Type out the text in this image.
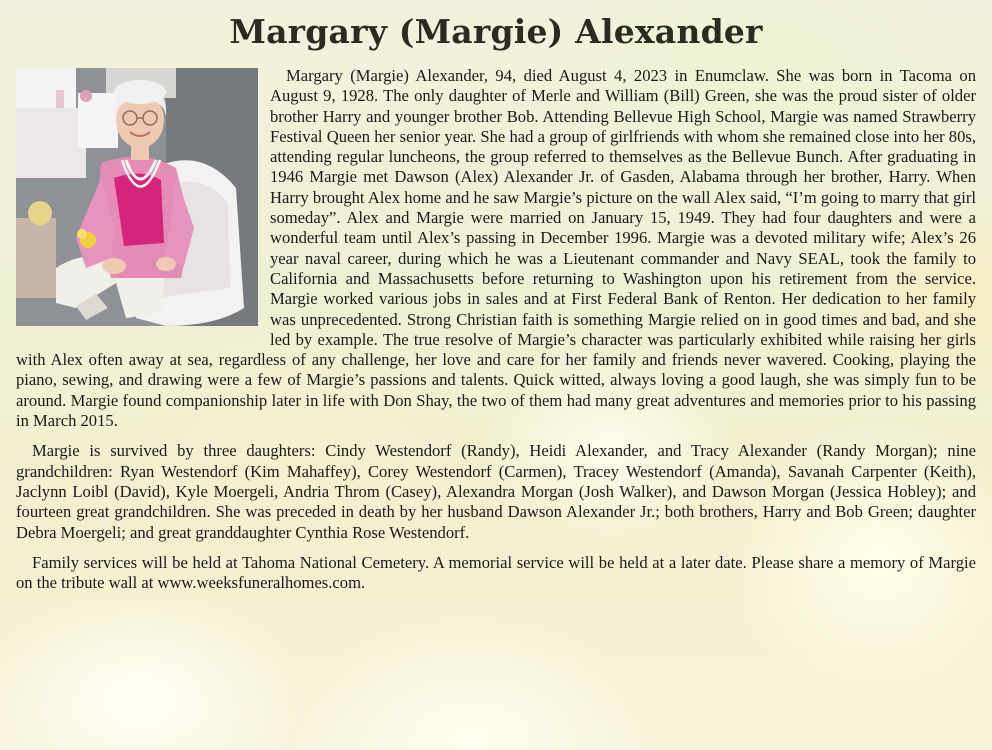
Margary (Margie) Alexander

Margary (Margie) Alexander, 94, died August 4, 2023 in Enumclaw. She was born in Tacoma on August 9, 1928. The only daughter of Merle and William (Bill) Green, she was the proud sister of older brother Harry and younger brother Bob. Attending Bellevue High School, Margie was named Strawberry Festival Queen her senior year. She had a group of girlfriends with whom she remained close into her 80s, attending regular luncheons, the group referred to themselves as the Bellevue Bunch. After graduating in 1946 Margie met Dawson (Alex) Alexander Jr. of Gasden, Alabama through her brother, Harry. When Harry brought Alex home and he saw Margie’s picture on the wall Alex said, “I’m going to marry that girl someday”. Alex and Margie were married on January 15, 1949. They had four daughters and were a wonderful team until Alex’s passing in December 1996. Margie was a devoted military wife; Alex’s 26 year naval career, during which he was a Lieutenant commander and Navy SEAL, took the family to California and Massachusetts before returning to Washington upon his retirement from the service. Margie worked various jobs in sales and at First Federal Bank of Renton. Her dedication to her family was unprecedented. Strong Christian faith is something Margie relied on in good times and bad, and she led by example. The true resolve of Margie’s character was particularly exhibited while raising her girls with Alex often away at sea, regardless of any challenge, her love and care for her family and friends never wavered. Cooking, playing the piano, sewing, and drawing were a few of Margie’s passions and talents. Quick witted, always loving a good laugh, she was simply fun to be around. Margie found companionship later in life with Don Shay, the two of them had many great adventures and memories prior to his passing in March 2015.

Margie is survived by three daughters: Cindy Westendorf (Randy), Heidi Alexander, and Tracy Alexander (Randy Morgan); nine grandchildren: Ryan Westendorf (Kim Mahaffey), Corey Westendorf (Carmen), Tracey Westendorf (Amanda), Savanah Carpenter (Keith), Jaclynn Loibl (David), Kyle Moergeli, Andria Throm (Casey), Alexandra Morgan (Josh Walker), and Dawson Morgan (Jessica Hobley); and fourteen great grandchildren. She was preceded in death by her husband Dawson Alexander Jr.; both brothers, Harry and Bob Green; daughter Debra Moergeli; and great granddaughter Cynthia Rose Westendorf.

Family services will be held at Tahoma National Cemetery. A memorial service will be held at a later date. Please share a memory of Margie on the tribute wall at www.weeksfuneralhomes.com.
